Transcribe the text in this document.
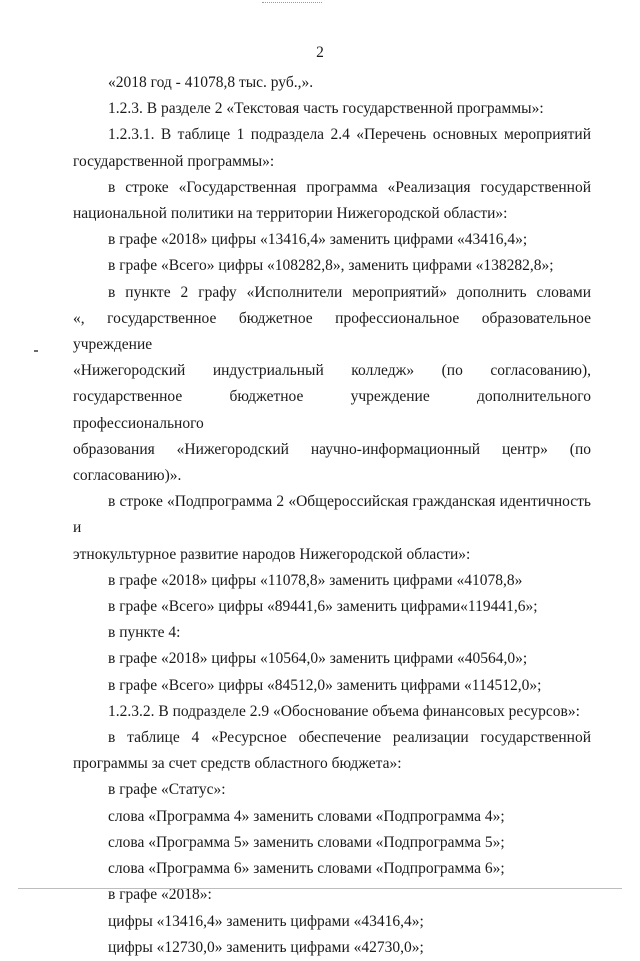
2

«2018 год - 41078,8 тыс. руб.,».

1.2.3. В разделе 2 «Текстовая часть государственной программы»:

1.2.3.1. В таблице 1 подраздела 2.4 «Перечень основных мероприятий

государственной программы»:

в строке «Государственная программа «Реализация государственной

национальной политики на территории Нижегородской области»:

в графе «2018» цифры «13416,4» заменить цифрами «43416,4»;

в графе «Всего» цифры «108282,8», заменить цифрами «138282,8»;

в пункте 2 графу «Исполнители мероприятий» дополнить словами

«, государственное бюджетное профессиональное образовательное учреждение

«Нижегородский индустриальный колледж» (по согласованию),

государственное бюджетное учреждение дополнительного профессионального

образования «Нижегородский научно-информационный центр» (по

согласованию)».

в строке «Подпрограмма 2 «Общероссийская гражданская идентичность и

этнокультурное развитие народов Нижегородской области»:

в графе «2018» цифры «11078,8» заменить цифрами «41078,8»

в графе «Всего» цифры «89441,6» заменить цифрами«119441,6»;

в пункте 4:

в графе «2018» цифры «10564,0» заменить цифрами «40564,0»;

в графе «Всего» цифры «84512,0» заменить цифрами «114512,0»;

1.2.3.2. В подразделе 2.9 «Обоснование объема финансовых ресурсов»:

в таблице 4 «Ресурсное обеспечение реализации государственной

программы за счет средств областного бюджета»:

в графе «Статус»:

слова «Программа 4» заменить словами «Подпрограмма 4»;

слова «Программа 5» заменить словами «Подпрограмма 5»;

слова «Программа 6» заменить словами «Подпрограмма 6»;

в графе «2018»:

цифры «13416,4» заменить цифрами «43416,4»;

цифры «12730,0» заменить цифрами «42730,0»;
